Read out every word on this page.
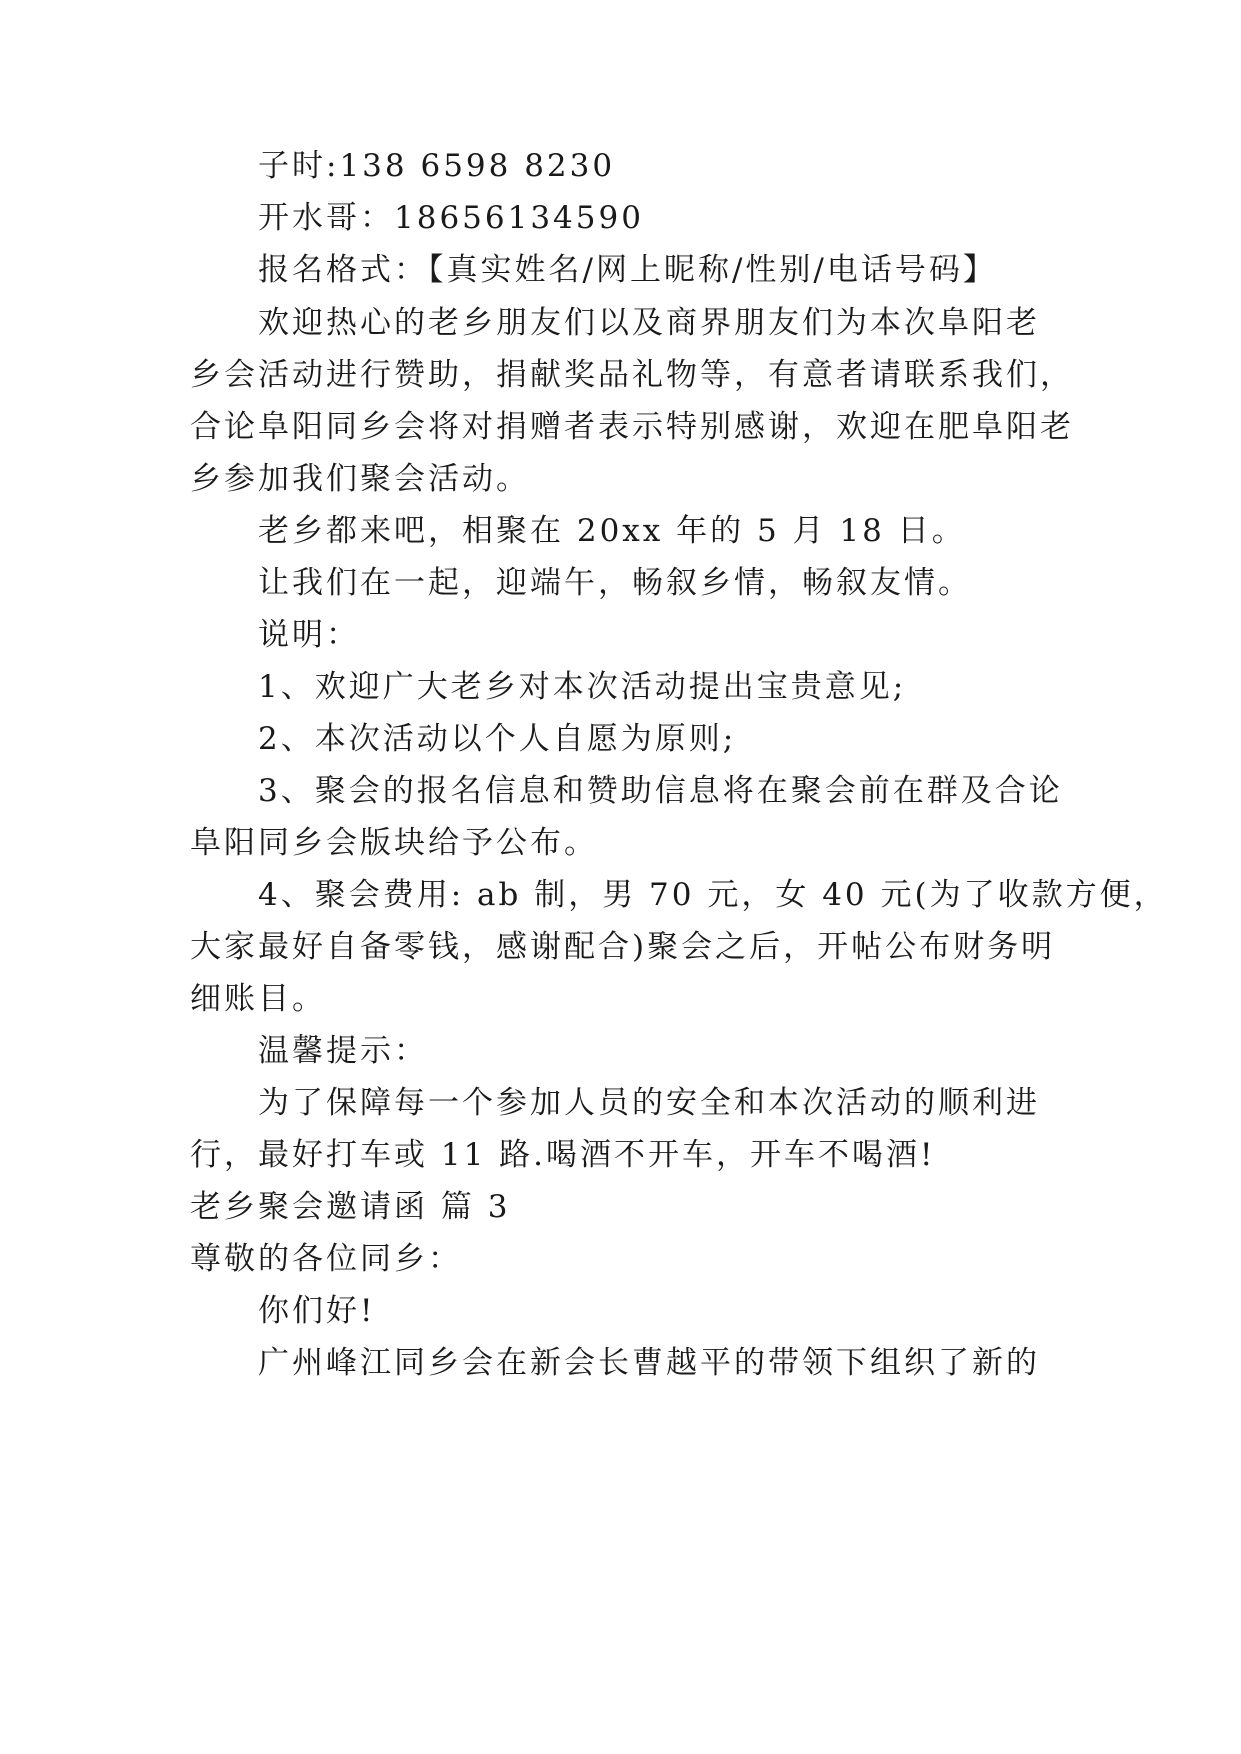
子时:138 6598 8230
开水哥：18656134590
报名格式：【真实姓名/网上昵称/性别/电话号码】
欢迎热心的老乡朋友们以及商界朋友们为本次阜阳老
乡会活动进行赞助，捐献奖品礼物等，有意者请联系我们，
合论阜阳同乡会将对捐赠者表示特别感谢，欢迎在肥阜阳老
乡参加我们聚会活动。
老乡都来吧，相聚在 20xx 年的 5 月 18 日。
让我们在一起，迎端午，畅叙乡情，畅叙友情。
说明：
1、欢迎广大老乡对本次活动提出宝贵意见;
2、本次活动以个人自愿为原则;
3、聚会的报名信息和赞助信息将在聚会前在群及合论
阜阳同乡会版块给予公布。
4、聚会费用: ab 制，男 70 元，女 40 元(为了收款方便，
大家最好自备零钱，感谢配合)聚会之后，开帖公布财务明
细账目。
温馨提示：
为了保障每一个参加人员的安全和本次活动的顺利进
行，最好打车或 11 路.喝酒不开车，开车不喝酒!
老乡聚会邀请函 篇 3
尊敬的各位同乡：
你们好!
广州峰江同乡会在新会长曹越平的带领下组织了新的
